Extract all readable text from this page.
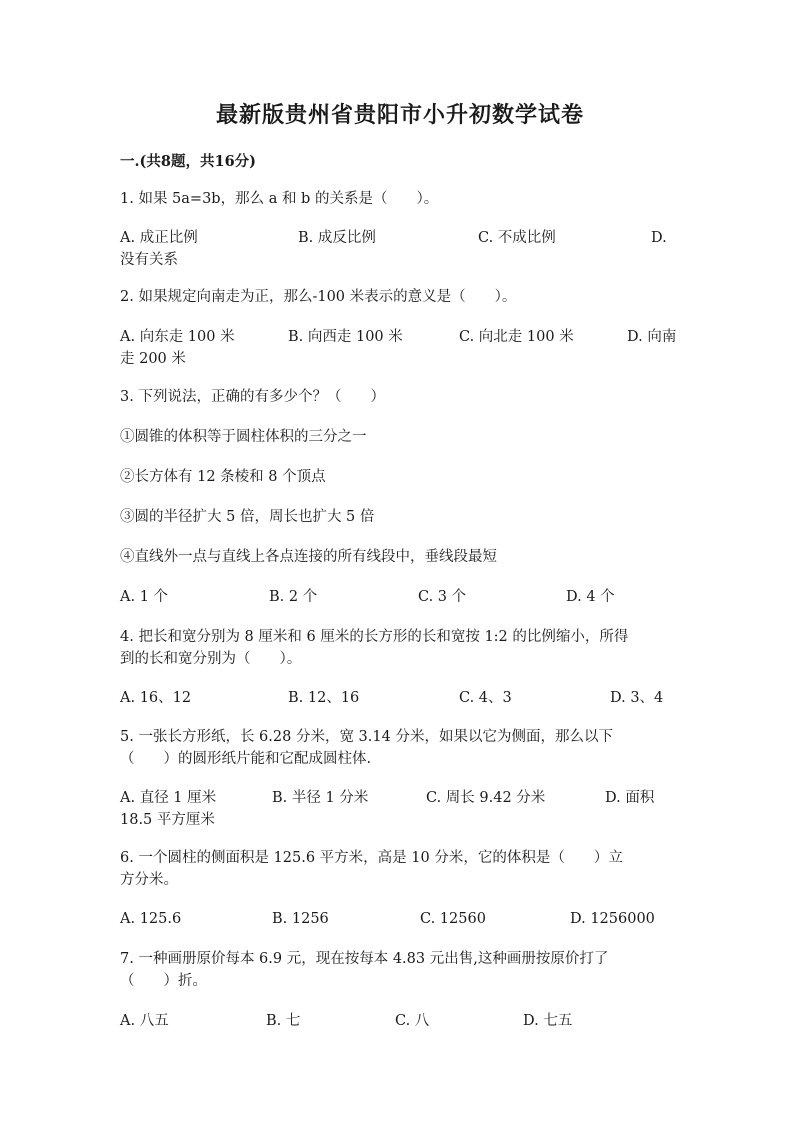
最新版贵州省贵阳市小升初数学试卷
一.(共8题，共16分)
1. 如果 5a=3b，那么 a 和 b 的关系是（　　）。
A. 成正比例	B. 成反比例	C. 不成比例	D.
没有关系
2. 如果规定向南走为正，那么-100 米表示的意义是（　　）。
A. 向东走 100 米	B. 向西走 100 米	C. 向北走 100 米	D. 向南
走 200 米
3. 下列说法，正确的有多少个？（　　）
①圆锥的体积等于圆柱体积的三分之一
②长方体有 12 条棱和 8 个顶点
③圆的半径扩大 5 倍，周长也扩大 5 倍
④直线外一点与直线上各点连接的所有线段中，垂线段最短
A. 1 个	B. 2 个	C. 3 个	D. 4 个
4. 把长和宽分别为 8 厘米和 6 厘米的长方形的长和宽按 1:2 的比例缩小，所得
到的长和宽分别为（　　）。
A. 16、12	B. 12、16	C. 4、3	D. 3、4
5. 一张长方形纸，长 6.28 分米，宽 3.14 分米，如果以它为侧面，那么以下
（　　）的圆形纸片能和它配成圆柱体.
A. 直径 1 厘米	B. 半径 1 分米	C. 周长 9.42 分米	D. 面积
18.5 平方厘米
6. 一个圆柱的侧面积是 125.6 平方米，高是 10 分米，它的体积是（　　）立
方分米。
A. 125.6	B. 1256	C. 12560	D. 1256000
7. 一种画册原价每本 6.9 元，现在按每本 4.83 元出售,这种画册按原价打了
（　　）折。
A. 八五	B. 七	C. 八	D. 七五
